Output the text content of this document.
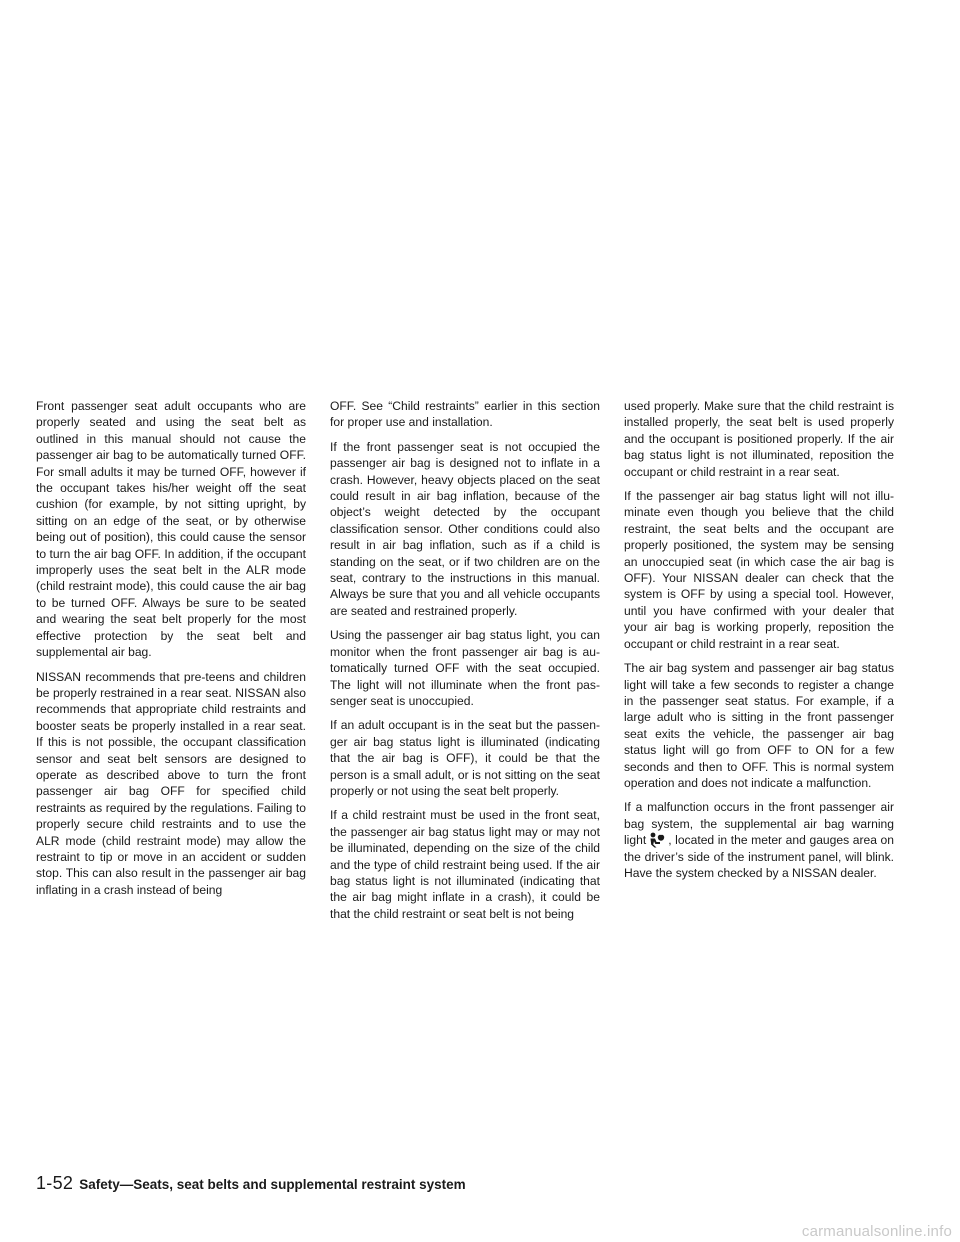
Front passenger seat adult occupants who are properly seated and using the seat belt as outlined in this manual should not cause the passenger air bag to be automatically turned OFF. For small adults it may be turned OFF, however if the occupant takes his/her weight off the seat cushion (for example, by not sitting upright, by sitting on an edge of the seat, or by otherwise being out of position), this could cause the sensor to turn the air bag OFF. In addition, if the occupant improperly uses the seat belt in the ALR mode (child restraint mode), this could cause the air bag to be turned OFF. Always be sure to be seated and wearing the seat belt properly for the most effective protection by the seat belt and supplemental air bag.

NISSAN recommends that pre-teens and children be properly restrained in a rear seat. NISSAN also recommends that appropriate child restraints and booster seats be properly installed in a rear seat. If this is not possible, the occupant classification sensor and seat belt sensors are designed to operate as described above to turn the front passenger air bag OFF for specified child restraints as required by the regulations. Failing to properly secure child restraints and to use the ALR mode (child restraint mode) may allow the restraint to tip or move in an accident or sudden stop. This can also result in the passenger air bag inflating in a crash instead of being

OFF. See “Child restraints” earlier in this section for proper use and installation.

If the front passenger seat is not occupied the passenger air bag is designed not to inflate in a crash. However, heavy objects placed on the seat could result in air bag inflation, because of the object’s weight detected by the occupant classification sensor. Other conditions could also result in air bag inflation, such as if a child is standing on the seat, or if two children are on the seat, contrary to the instructions in this manual. Always be sure that you and all vehicle occupants are seated and restrained properly.

Using the passenger air bag status light, you can monitor when the front passenger air bag is automatically turned OFF with the seat occupied. The light will not illuminate when the front passenger seat is unoccupied.

If an adult occupant is in the seat but the passenger air bag status light is illuminated (indicating that the air bag is OFF), it could be that the person is a small adult, or is not sitting on the seat properly or not using the seat belt properly.

If a child restraint must be used in the front seat, the passenger air bag status light may or may not be illuminated, depending on the size of the child and the type of child restraint being used. If the air bag status light is not illuminated (indicating that the air bag might inflate in a crash), it could be that the child restraint or seat belt is not being

used properly. Make sure that the child restraint is installed properly, the seat belt is used properly and the occupant is positioned properly. If the air bag status light is not illuminated, reposition the occupant or child restraint in a rear seat.

If the passenger air bag status light will not illuminate even though you believe that the child restraint, the seat belts and the occupant are properly positioned, the system may be sensing an unoccupied seat (in which case the air bag is OFF). Your NISSAN dealer can check that the system is OFF by using a special tool. However, until you have confirmed with your dealer that your air bag is working properly, reposition the occupant or child restraint in a rear seat.

The air bag system and passenger air bag status light will take a few seconds to register a change in the passenger seat status. For example, if a large adult who is sitting in the front passenger seat exits the vehicle, the passenger air bag status light will go from OFF to ON for a few seconds and then to OFF. This is normal system operation and does not indicate a malfunction.

If a malfunction occurs in the front passenger air bag system, the supplemental air bag warning light , located in the meter and gauges area on the driver’s side of the instrument panel, will blink. Have the system checked by a NISSAN dealer.

1-52 Safety—Seats, seat belts and supplemental restraint system
carmanualsonline.info
